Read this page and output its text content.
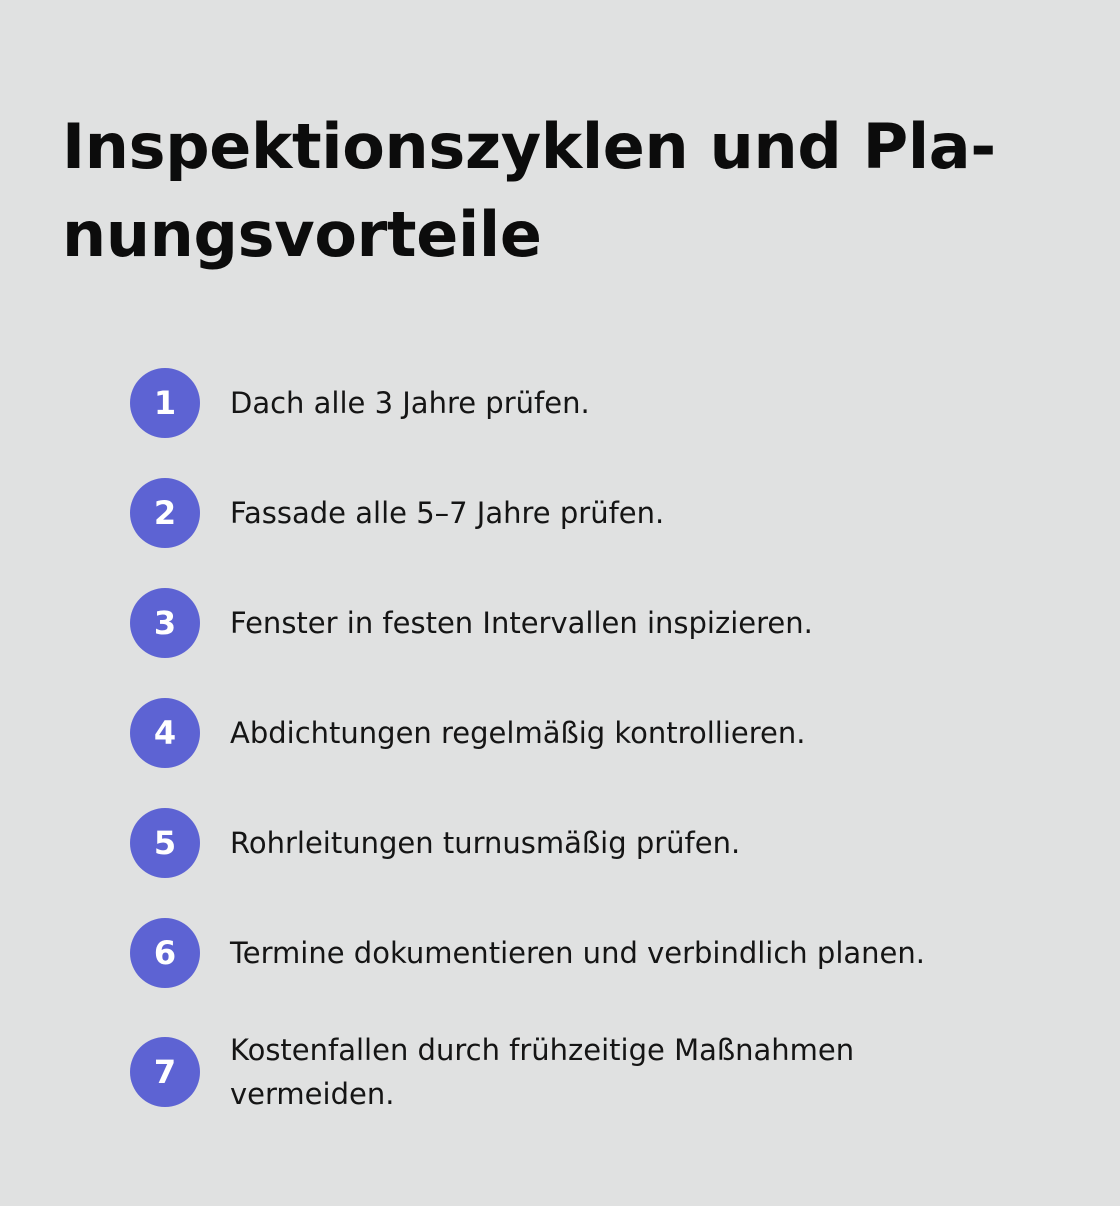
Inspektionszyklen und Pla-
nungsvorteile
1	Dach alle 3 Jahre prüfen.
2	Fassade alle 5–7 Jahre prüfen.
3	Fenster in festen Intervallen inspizieren.
4	Abdichtungen regelmäßig kontrollieren.
5	Rohrleitungen turnusmäßig prüfen.
6	Termine dokumentieren und verbindlich planen.
7
Kostenfallen durch frühzeitige Maßnahmen vermeiden.
